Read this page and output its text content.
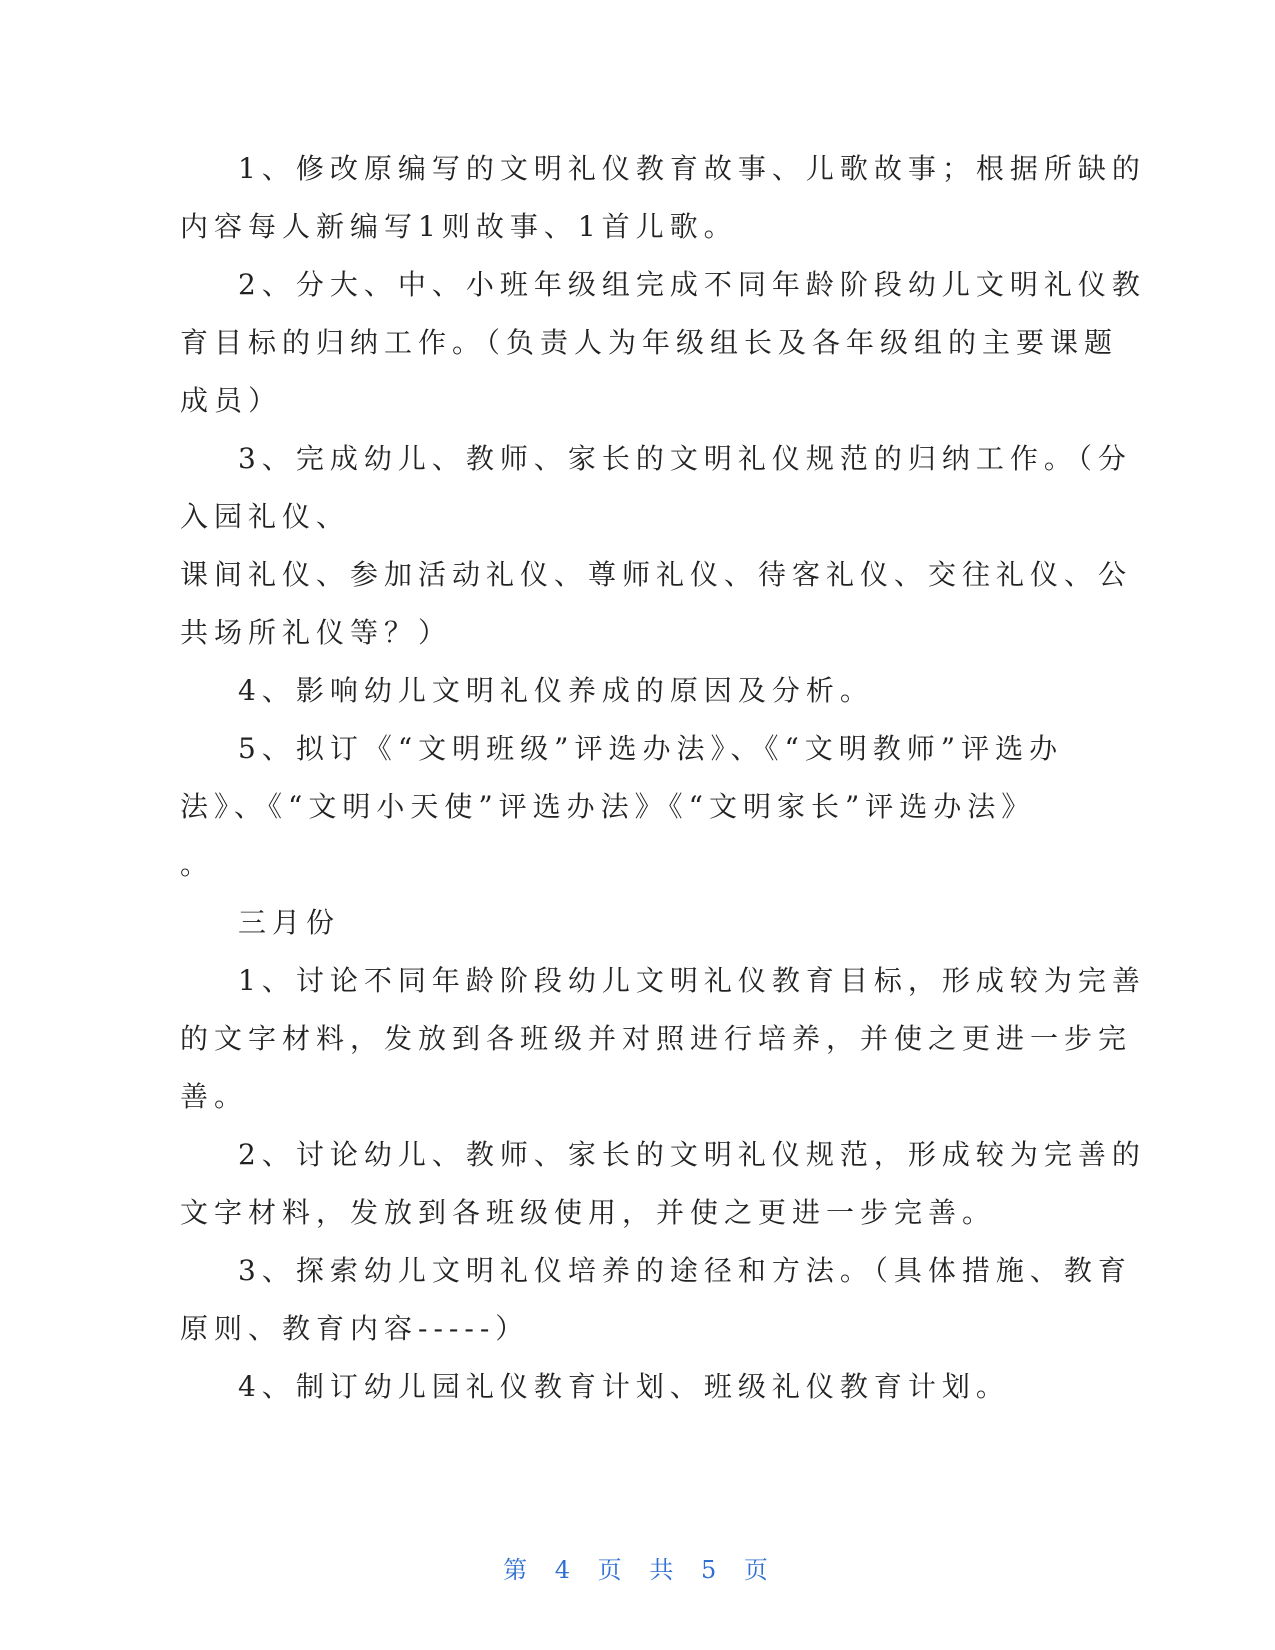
1、修改原编写的文明礼仪教育故事、儿歌故事；根据所缺的
内容每人新编写1则故事、1首儿歌。
2、分大、中、小班年级组完成不同年龄阶段幼儿文明礼仪教
育目标的归纳工作。（负责人为年级组长及各年级组的主要课题
成员）
3、完成幼儿、教师、家长的文明礼仪规范的归纳工作。（分
入园礼仪、
课间礼仪、参加活动礼仪、尊师礼仪、待客礼仪、交往礼仪、公
共场所礼仪等？）
4、影响幼儿文明礼仪养成的原因及分析。
5、拟订《“文明班级”评选办法》、《“文明教师”评选办
法》、《“文明小天使”评选办法》《“文明家长”评选办法》
。
三月份
1、讨论不同年龄阶段幼儿文明礼仪教育目标，形成较为完善
的文字材料，发放到各班级并对照进行培养，并使之更进一步完
善。
2、讨论幼儿、教师、家长的文明礼仪规范，形成较为完善的
文字材料，发放到各班级使用，并使之更进一步完善。
3、探索幼儿文明礼仪培养的途径和方法。（具体措施、教育
原则、教育内容-----）
4、制订幼儿园礼仪教育计划、班级礼仪教育计划。
第 4 页 共 5 页
